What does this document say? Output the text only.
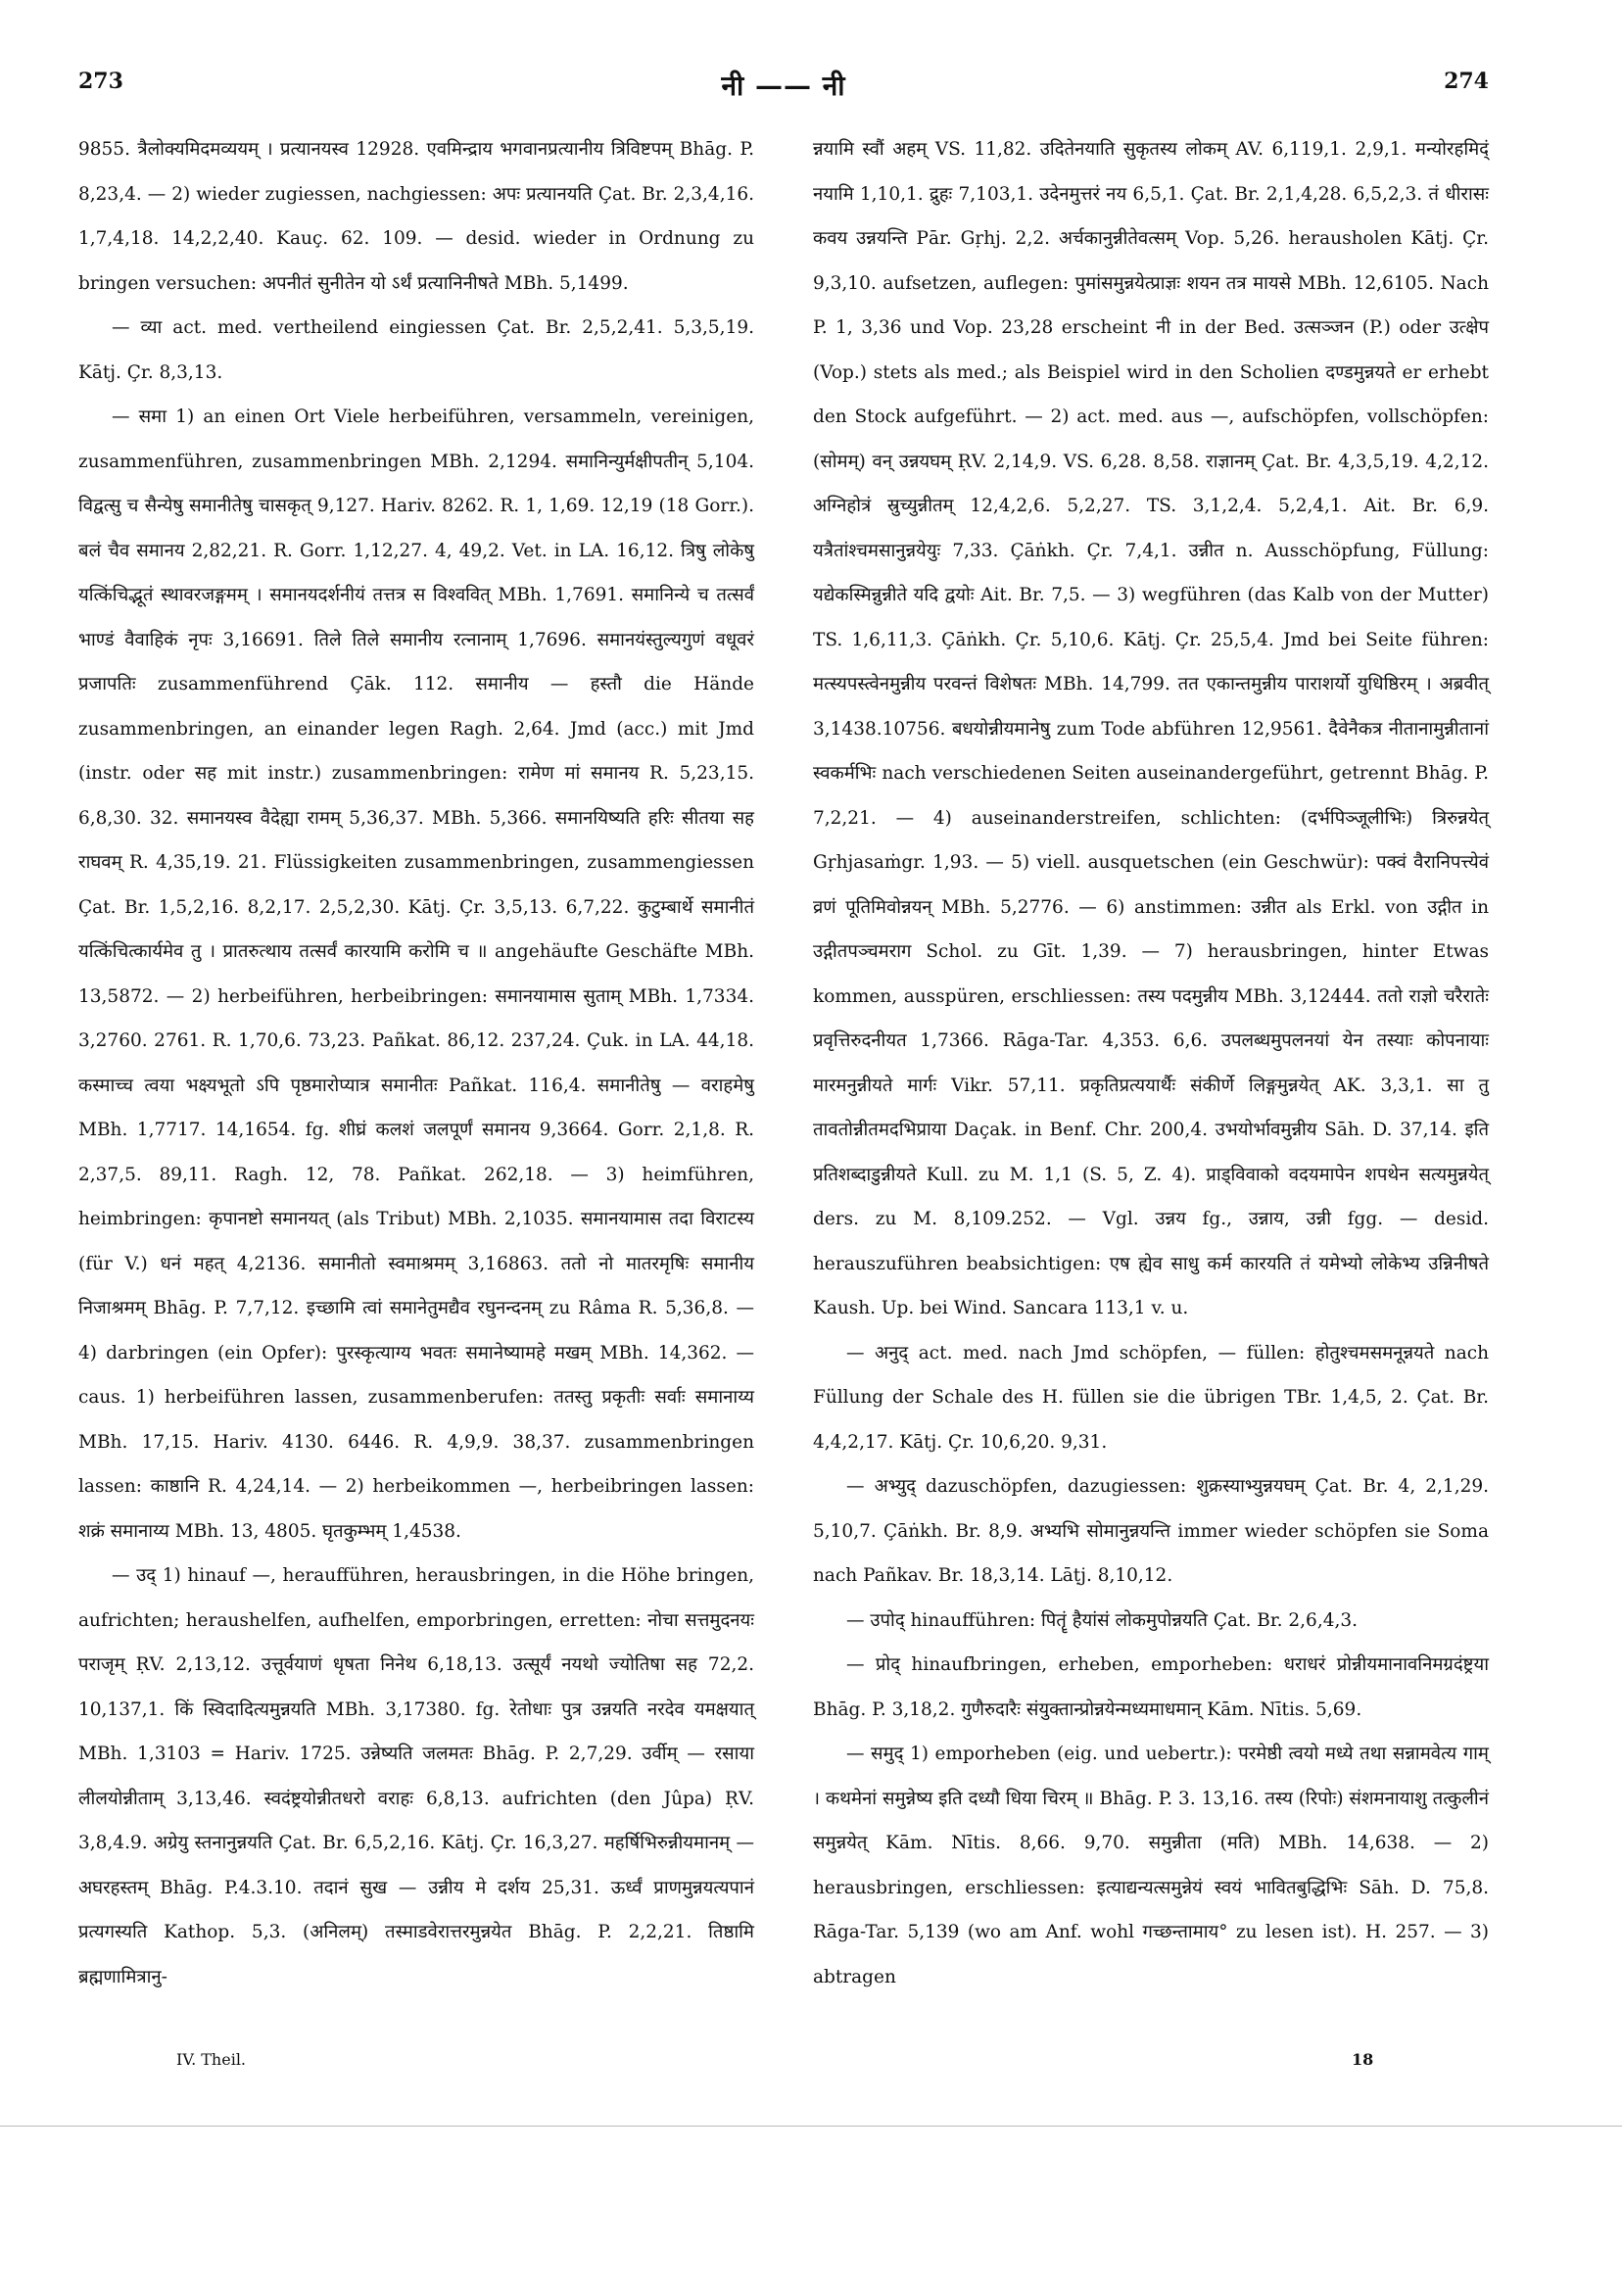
273	नी —— नी	274

9855. त्रैलोक्यमिदमव्ययम् । प्रत्यानयस्व 12928. एवमिन्द्राय भगवानप्रत्यानीय त्रिविष्टपम् Bhāg. P. 8,23,4. — 2) wieder zugiessen, nachgiessen: अपः प्रत्यानयति Çat. Br. 2,3,4,16. 1,7,4,18. 14,2,2,40. Kauç. 62. 109. — desid. wieder in Ordnung zu bringen versuchen: अपनीतं सुनीतेन यो ऽर्थं प्रत्यानिनीषते MBh. 5,1499.

— व्या act. med. vertheilend eingiessen Çat. Br. 2,5,2,41. 5,3,5,19. Kātj. Çr. 8,3,13.

— समा 1) an einen Ort Viele herbeiführen, versammeln, vereinigen, zusammenführen, zusammenbringen MBh. 2,1294. समानिन्युर्मक्षीपतीन् 5,104. विद्वत्सु च सैन्येषु समानीतेषु चासकृत् 9,127. Hariv. 8262. R. 1, 1,69. 12,19 (18 Gorr.). बलं चैव समानय 2,82,21. R. Gorr. 1,12,27. 4, 49,2. Vet. in LA. 16,12. त्रिषु लोकेषु यत्किंचिद्भूतं स्थावरजङ्गमम् । समानयदर्शनीयं तत्तत्र स विश्ववित् MBh. 1,7691. समानिन्ये च तत्सर्वं भाण्डं वैवाहिकं नृपः 3,16691. तिले तिले समानीय रत्नानाम् 1,7696. समानयंस्तुल्यगुणं वधूवरं प्रजापतिः zusammenführend Çāk. 112. समानीय — हस्तौ die Hände zusammenbringen, an einander legen Ragh. 2,64. Jmd (acc.) mit Jmd (instr. oder सह mit instr.) zusammenbringen: रामेण मां समानय R. 5,23,15. 6,8,30. 32. समानयस्व वैदेह्या रामम् 5,36,37. MBh. 5,366. समानयिष्यति हरिः सीतया सह राघवम् R. 4,35,19. 21. Flüssigkeiten zusammenbringen, zusammengiessen Çat. Br. 1,5,2,16. 8,2,17. 2,5,2,30. Kātj. Çr. 3,5,13. 6,7,22. कुटुम्बार्थे समानीतं यत्किंचित्कार्यमेव तु । प्रातरुत्थाय तत्सर्वं कारयामि करोमि च ॥ angehäufte Geschäfte MBh. 13,5872. — 2) herbeiführen, herbeibringen: समानयामास सुताम् MBh. 1,7334. 3,2760. 2761. R. 1,70,6. 73,23. Pañkat. 86,12. 237,24. Çuk. in LA. 44,18. कस्माच्च त्वया भक्ष्यभूतो ऽपि पृष्ठमारोप्यात्र समानीतः Pañkat. 116,4. समानीतेषु — वराहमेषु MBh. 1,7717. 14,1654. fg. शीघ्रं कलशं जलपूर्णं समानय 9,3664. Gorr. 2,1,8. R. 2,37,5. 89,11. Ragh. 12, 78. Pañkat. 262,18. — 3) heimführen, heimbringen: कृपानष्टो समानयत् (als Tribut) MBh. 2,1035. समानयामास तदा विराटस्य (für V.) धनं महत् 4,2136. समानीतो स्वमाश्रमम् 3,16863. ततो नो मातरमृषिः समानीय निजाश्रमम् Bhāg. P. 7,7,12. इच्छामि त्वां समानेतुमद्यैव रघुनन्दनम् zu Râma R. 5,36,8. — 4) darbringen (ein Opfer): पुरस्कृत्याग्य भवतः समानेष्यामहे मखम् MBh. 14,362. — caus. 1) herbeiführen lassen, zusammenberufen: ततस्तु प्रकृतीः सर्वाः समानाय्य MBh. 17,15. Hariv. 4130. 6446. R. 4,9,9. 38,37. zusammenbringen lassen: काष्ठानि R. 4,24,14. — 2) herbeikommen —, herbeibringen lassen: शक्रं समानाय्य MBh. 13, 4805. घृतकुम्भम् 1,4538.

— उद् 1) hinauf —, heraufführen, herausbringen, in die Höhe bringen, aufrichten; heraushelfen, aufhelfen, emporbringen, erretten: नोचा सत्तमुदनयः पराजृम् ṚV. 2,13,12. उत्तूर्वयाणं धृषता निनेथ 6,18,13. उत्सूर्यं नयथो ज्योतिषा सह 72,2. 10,137,1. किं स्विदादित्यमुन्नयति MBh. 3,17380. fg. रेतोधाः पुत्र उन्नयति नरदेव यमक्षयात् MBh. 1,3103 = Hariv. 1725. उन्नेष्यति जलमतः Bhāg. P. 2,7,29. उर्वीम् — रसाया लीलयोन्नीताम् 3,13,46. स्वदंष्ट्रयोन्नीतधरो वराहः 6,8,13. aufrichten (den Jûpa) ṚV. 3,8,4.9. अग्रेयु स्तनानुन्नयति Çat. Br. 6,5,2,16. Kātj. Çr. 16,3,27. महर्षिभिरुन्नीयमानम् — अघरहस्तम् Bhāg. P.4.3.10. तदानं सुख — उन्नीय मे दर्शय 25,31. ऊर्ध्वं प्राणमुन्नयत्यपानं प्रत्यगस्यति Kathop. 5,3. (अनिलम्) तस्माडवेरात्तरमुन्नयेत Bhāg. P. 2,2,21. तिष्ठामि ब्रह्मणामित्रानु-

न्नयामि स्वौं अहम् VS. 11,82. उदितेनयाति सुकृतस्य लोकम् AV. 6,119,1. 2,9,1. मन्योरहमिद्ं नयामि 1,10,1. द्रुहः 7,103,1. उदेनमुत्तरं नय 6,5,1. Çat. Br. 2,1,4,28. 6,5,2,3. तं धीरासः कवय उन्नयन्ति Pār. Gṛhj. 2,2. अर्चकानुन्नीतेवत्सम् Vop. 5,26. herausholen Kātj. Çr. 9,3,10. aufsetzen, auflegen: पुमांसमुन्नयेत्प्राज्ञः शयन तत्र मायसे MBh. 12,6105. Nach P. 1, 3,36 und Vop. 23,28 erscheint नी in der Bed. उत्सञ्जन (P.) oder उत्क्षेप (Vop.) stets als med.; als Beispiel wird in den Scholien दण्डमुन्नयते er erhebt den Stock aufgeführt. — 2) act. med. aus —, aufschöpfen, vollschöpfen: (सोमम्) वन् उन्नयघम् ṚV. 2,14,9. VS. 6,28. 8,58. राज्ञानम् Çat. Br. 4,3,5,19. 4,2,12. अग्निहोत्रं स्रुच्युन्नीतम् 12,4,2,6. 5,2,27. TS. 3,1,2,4. 5,2,4,1. Ait. Br. 6,9. यत्रैतांश्चमसानुन्नयेयुः 7,33. Çāṅkh. Çr. 7,4,1. उन्नीत n. Ausschöpfung, Füllung: यद्येकस्मिन्नुन्नीते यदि द्वयोः Ait. Br. 7,5. — 3) wegführen (das Kalb von der Mutter) TS. 1,6,11,3. Çāṅkh. Çr. 5,10,6. Kātj. Çr. 25,5,4. Jmd bei Seite führen: मत्स्यपस्त्वेनमुन्नीय परवन्तं विशेषतः MBh. 14,799. तत एकान्तमुन्नीय पाराशर्यो युधिष्ठिरम् । अब्रवीत् 3,1438.10756. बधयोन्नीयमानेषु zum Tode abführen 12,9561. दैवेनैकत्र नीतानामुन्नीतानां स्वकर्मभिः nach verschiedenen Seiten auseinandergeführt, getrennt Bhāg. P. 7,2,21. — 4) auseinanderstreifen, schlichten: (दर्भपिञ्जूलीभिः) त्रिरुन्नयेत् Gṛhjasaṁgr. 1,93. — 5) viell. ausquetschen (ein Geschwür): पक्वं वैरानिपत्त्येवं व्रणं पूतिमिवोन्नयन् MBh. 5,2776. — 6) anstimmen: उन्नीत als Erkl. von उद्गीत in उद्गीतपञ्चमराग Schol. zu Gīt. 1,39. — 7) herausbringen, hinter Etwas kommen, ausspüren, erschliessen: तस्य पदमुन्नीय MBh. 3,12444. ततो राज्ञो चरैरातेः प्रवृत्तिरुदनीयत 1,7366. Rāga-Tar. 4,353. 6,6. उपलब्धमुपलनयां येन तस्याः कोपनायाः मारमनुन्नीयते मार्गः Vikr. 57,11. प्रकृतिप्रत्ययार्थैः संकीर्णे लिङ्गमुन्नयेत् AK. 3,3,1. सा तु तावतोन्नीतमदभिप्राया Daçak. in Benf. Chr. 200,4. उभयोर्भावमुन्नीय Sāh. D. 37,14. इति प्रतिशब्दाडुन्नीयते Kull. zu M. 1,1 (S. 5, Z. 4). प्राड्विवाको वदयमापेन शपथेन सत्यमुन्नयेत् ders. zu M. 8,109.252. — Vgl. उन्नय fg., उन्नाय, उन्नी fgg. — desid. herauszuführen beabsichtigen: एष ह्येव साधु कर्म कारयति तं यमेभ्यो लोकेभ्य उन्निनीषते Kaush. Up. bei Wind. Sancara 113,1 v. u.

— अनुद् act. med. nach Jmd schöpfen, — füllen: होतुश्चमसमनून्नयते nach Füllung der Schale des H. füllen sie die übrigen TBr. 1,4,5, 2. Çat. Br. 4,4,2,17. Kātj. Çr. 10,6,20. 9,31.

— अभ्युद् dazuschöpfen, dazugiessen: शुक्रस्याभ्युन्नयघम् Çat. Br. 4, 2,1,29. 5,10,7. Çāṅkh. Br. 8,9. अभ्यभि सोमानुन्नयन्ति immer wieder schöpfen sie Soma nach Pañkav. Br. 18,3,14. Lāṭj. 8,10,12.

— उपोद् hinaufführen: पितॄं हैयांसं लोकमुपोन्नयति Çat. Br. 2,6,4,3.

— प्रोद् hinaufbringen, erheben, emporheben: धराधरं प्रोन्नीयमानावनिमग्रदंष्ट्रया Bhāg. P. 3,18,2. गुणैरुदारैः संयुक्तान्प्रोन्नयेन्मध्यमाधमान् Kām. Nītis. 5,69.

— समुद् 1) emporheben (eig. und uebertr.): परमेष्ठी त्वयो मध्ये तथा सन्नामवेत्य गाम् । कथमेनां समुन्नेष्य इति दध्यौ धिया चिरम् ॥ Bhāg. P. 3. 13,16. तस्य (रिपोः) संशमनायाशु तत्कुलीनं समुन्नयेत् Kām. Nītis. 8,66. 9,70. समुन्नीता (मति) MBh. 14,638. — 2) herausbringen, erschliessen: इत्याद्यन्यत्समुन्नेयं स्वयं भावितबुद्धिभिः Sāh. D. 75,8. Rāga-Tar. 5,139 (wo am Anf. wohl गच्छन्तामाय° zu lesen ist). H. 257. — 3) abtragen

IV. Theil.	18
